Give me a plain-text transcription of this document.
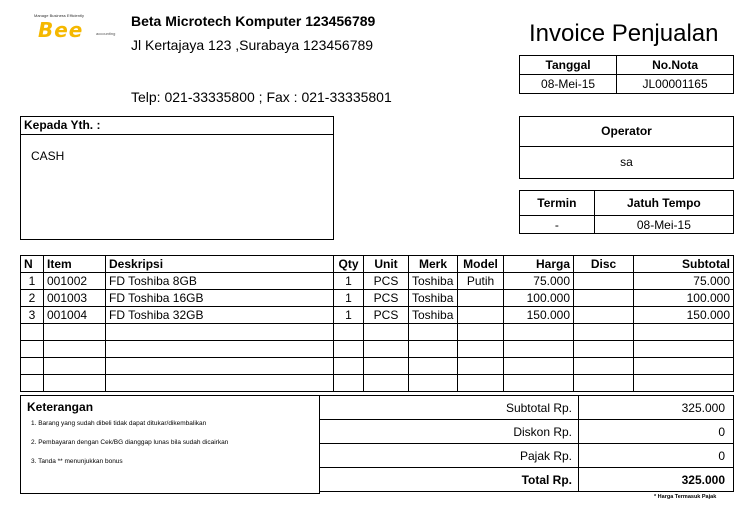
Manage Business Efficiently
Bee	accounting
Beta Microtech Komputer 123456789
Jl Kertajaya 123 ,Surabaya 123456789
Telp: 021-33335800 ; Fax : 021-33335801
Invoice Penjualan
Tanggal	No.Nota
08-Mei-15	JL00001165
Operator
sa
Termin	Jatuh Tempo
-	08-Mei-15
Kepada Yth. :
CASH
N	Item	Deskripsi	Qty	Unit	Merk	Model	Harga	Disc	Subtotal
1	001002	FD Toshiba 8GB	1	PCS	Toshiba	Putih	75.000		75.000
2	001003	FD Toshiba 16GB	1	PCS	Toshiba		100.000		100.000
3	001004	FD Toshiba 32GB	1	PCS	Toshiba		150.000		150.000

Keterangan
1. Barang yang sudah dibeli tidak dapat ditukar/dikembalikan
2. Pembayaran dengan Cek/BG dianggap lunas bila sudah dicairkan
3. Tanda ** menunjukkan bonus
Subtotal Rp.	325.000
Diskon Rp.	0
Pajak Rp.	0
Total Rp.	325.000
* Harga Termasuk Pajak
